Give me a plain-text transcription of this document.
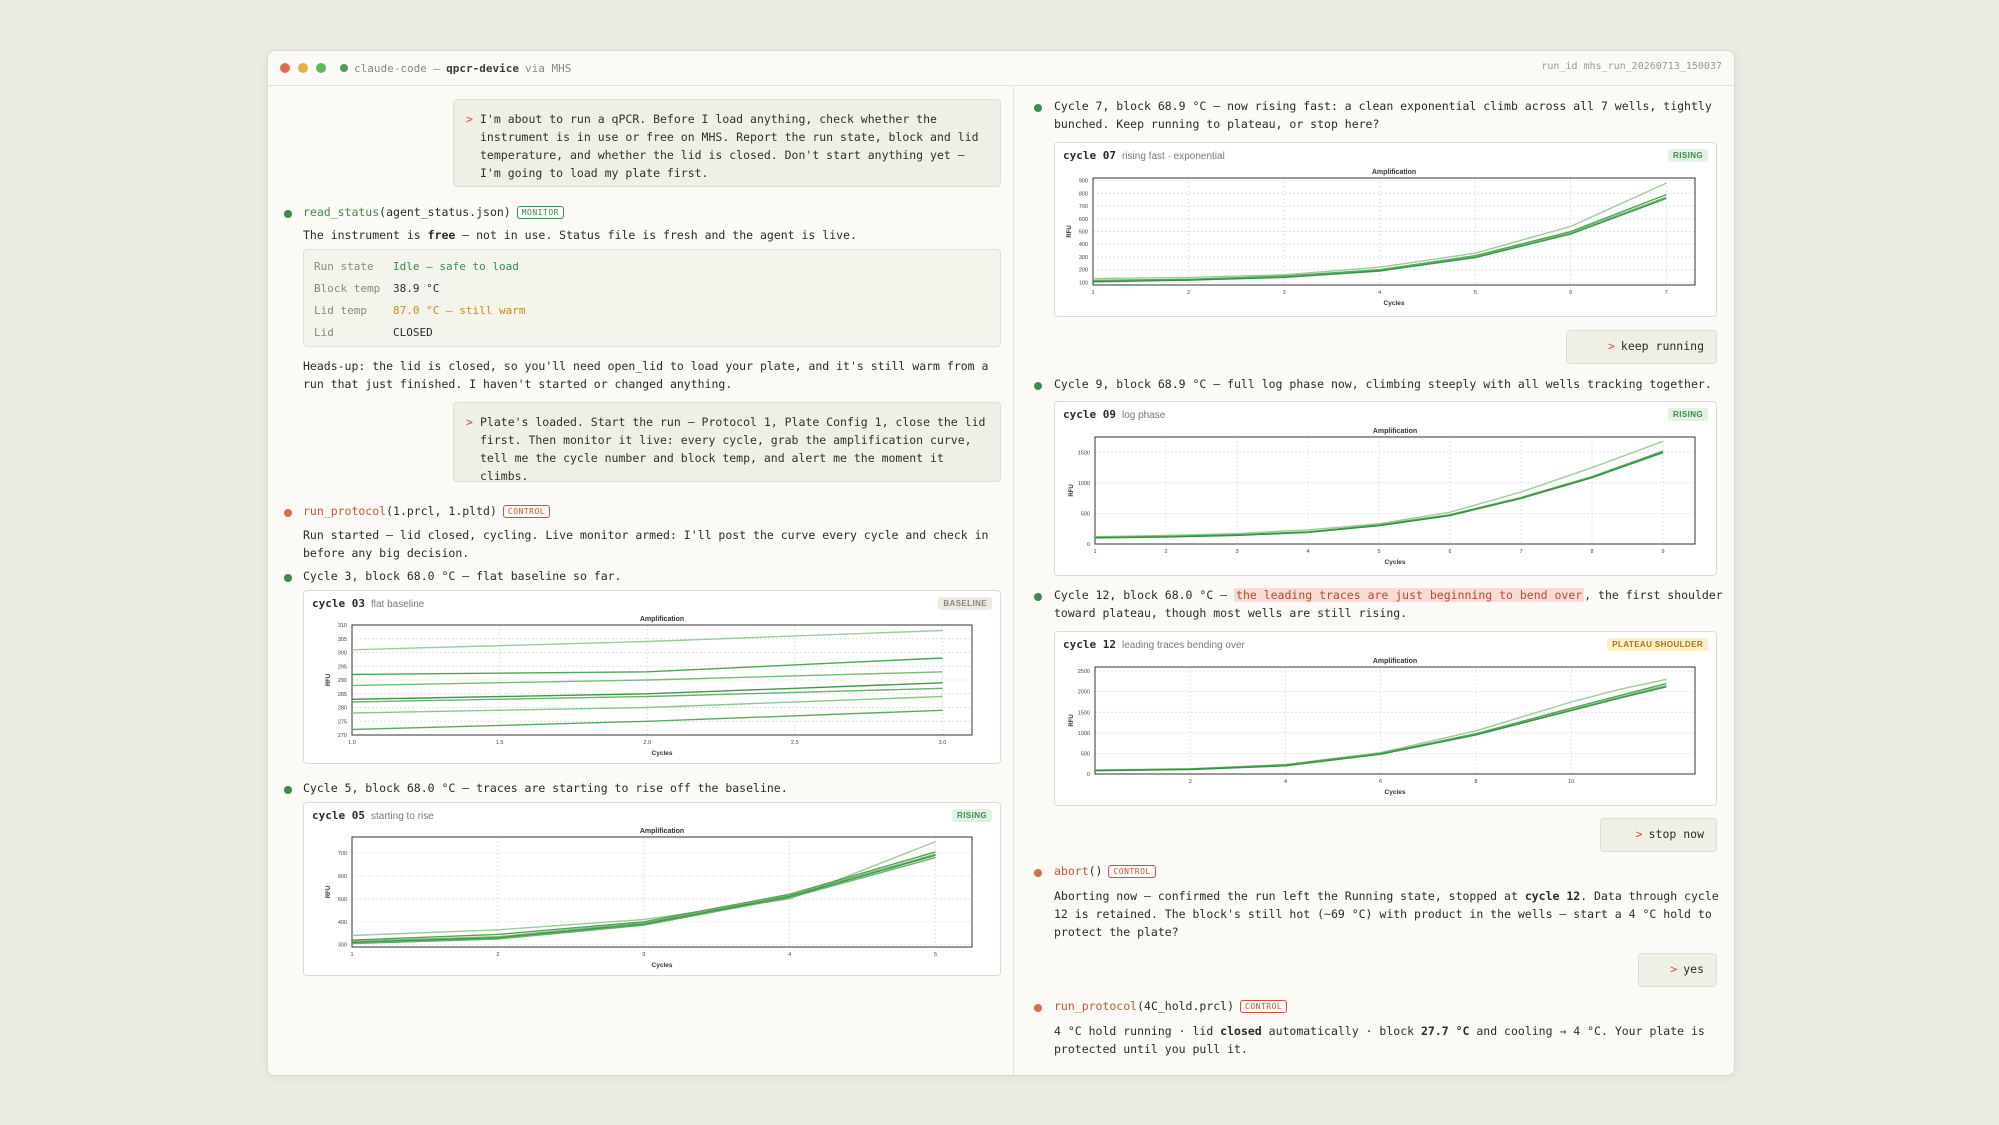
claude-code — qpcr-device via MHS	run_id mhs_run_20260713_150037
> I'm about to run a qPCR. Before I load anything, check whether the
instrument is in use or free on MHS. Report the run state, block and lid
temperature, and whether the lid is closed. Don't start anything yet —
I'm going to load my plate first.
read_status(agent_status.json) MONITOR
The instrument is free — not in use. Status file is fresh and the agent is live.
Run state	Idle — safe to load
Block temp	38.9 °C
Lid temp	87.0 °C — still warm
Lid	CLOSED
Heads-up: the lid is closed, so you'll need open_lid to load your plate, and it's still warm from a
run that just finished. I haven't started or changed anything.
> Plate's loaded. Start the run — Protocol 1, Plate Config 1, close the lid
first. Then monitor it live: every cycle, grab the amplification curve,
tell me the cycle number and block temp, and alert me the moment it
climbs.
run_protocol(1.prcl, 1.pltd) CONTROL
Run started — lid closed, cycling. Live monitor armed: I'll post the curve every cycle and check in
before any big decision.
Cycle 3, block 68.0 °C — flat baseline so far.
cycle 03 flat baseline	BASELINE
Amplification
270
275
280
285
290
295
300
305
310
1.0	1.5	2.0	2.5	3.0
Cycles
RFU
Cycle 5, block 68.0 °C — traces are starting to rise off the baseline.
cycle 05 starting to rise	RISING
Amplification
300
400
500
600
700
1	2	3	4	5
Cycles
RFU
Cycle 7, block 68.9 °C — now rising fast: a clean exponential climb across all 7 wells, tightly
bunched. Keep running to plateau, or stop here?
cycle 07 rising fast · exponential	RISING
Amplification
100
200
300
400
500
600
700
800
900
1	2	3	4	5	6	7
Cycles
RFU
> keep running
Cycle 9, block 68.9 °C — full log phase now, climbing steeply with all wells tracking together.
cycle 09 log phase	RISING
Amplification
0
500
1000
1500
1	2	3	4	5	6	7	8	9
Cycles
RFU
Cycle 12, block 68.0 °C — the leading traces are just beginning to bend over , the first shoulder
toward plateau, though most wells are still rising.
cycle 12 leading traces bending over	PLATEAU SHOULDER
Amplification
0
500
1000
1500
2000
2500
2	4	6	8	10
Cycles
RFU
> stop now
abort() CONTROL
Aborting now — confirmed the run left the Running state, stopped at cycle 12. Data through cycle
12 is retained. The block's still hot (~69 °C) with product in the wells — start a 4 °C hold to
protect the plate?
> yes
run_protocol(4C_hold.prcl) CONTROL
4 °C hold running · lid closed automatically · block 27.7 °C and cooling → 4 °C. Your plate is
protected until you pull it.
